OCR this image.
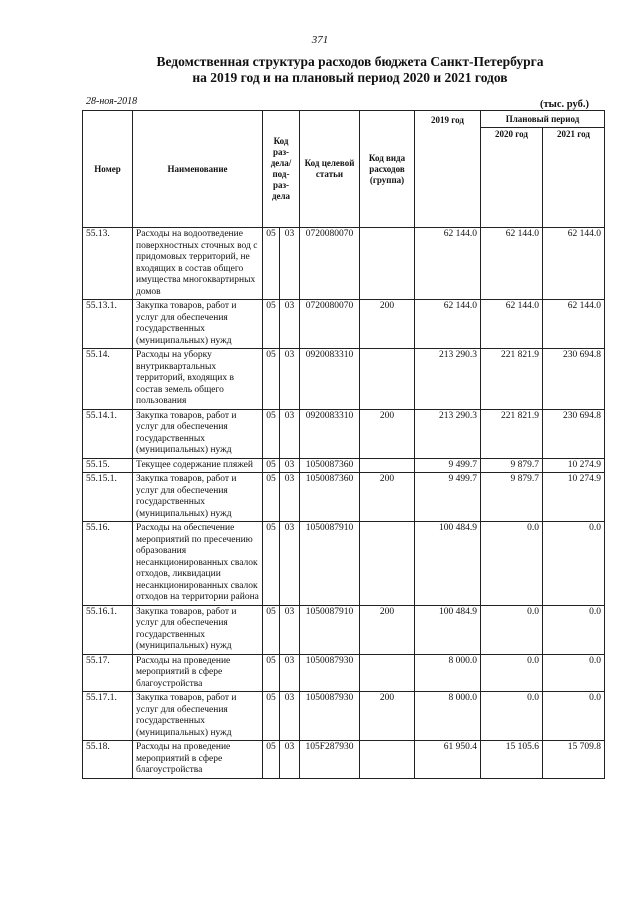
371
Ведомственная структура расходов бюджета Санкт-Петербурга
на 2019 год и на плановый период 2020 и 2021 годов
28-ноя-2018	(тыс. руб.)
Номер	Наименование	Код раз-дела/ под-раз-дела		Код целевой статьи	Код вида расходов (группа)	2019 год	Плановый период	
							2020 год	2021 год
55.13.	Расходы на водоотведение поверхностных сточных вод с придомовых территорий, не входящих в состав общего имущества многоквартирных домов	05	03	0720080070		62 144.0	62 144.0	62 144.0
55.13.1.	Закупка товаров, работ и услуг для обеспечения государственных (муниципальных) нужд	05	03	0720080070	200	62 144.0	62 144.0	62 144.0
55.14.	Расходы на уборку внутриквартальных территорий, входящих в состав земель общего пользования	05	03	0920083310		213 290.3	221 821.9	230 694.8
55.14.1.	Закупка товаров, работ и услуг для обеспечения государственных (муниципальных) нужд	05	03	0920083310	200	213 290.3	221 821.9	230 694.8
55.15.	Текущее содержание пляжей	05	03	1050087360		9 499.7	9 879.7	10 274.9
55.15.1.	Закупка товаров, работ и услуг для обеспечения государственных (муниципальных) нужд	05	03	1050087360	200	9 499.7	9 879.7	10 274.9
55.16.	Расходы на обеспечение мероприятий по пресечению образования несанкционированных свалок отходов, ликвидации несанкционированных свалок отходов на территории района	05	03	1050087910		100 484.9	0.0	0.0
55.16.1.	Закупка товаров, работ и услуг для обеспечения государственных (муниципальных) нужд	05	03	1050087910	200	100 484.9	0.0	0.0
55.17.	Расходы на проведение мероприятий в сфере благоустройства	05	03	1050087930		8 000.0	0.0	0.0
55.17.1.	Закупка товаров, работ и услуг для обеспечения государственных (муниципальных) нужд	05	03	1050087930	200	8 000.0	0.0	0.0
55.18.	Расходы на проведение мероприятий в сфере благоустройства	05	03	105F287930		61 950.4	15 105.6	15 709.8
